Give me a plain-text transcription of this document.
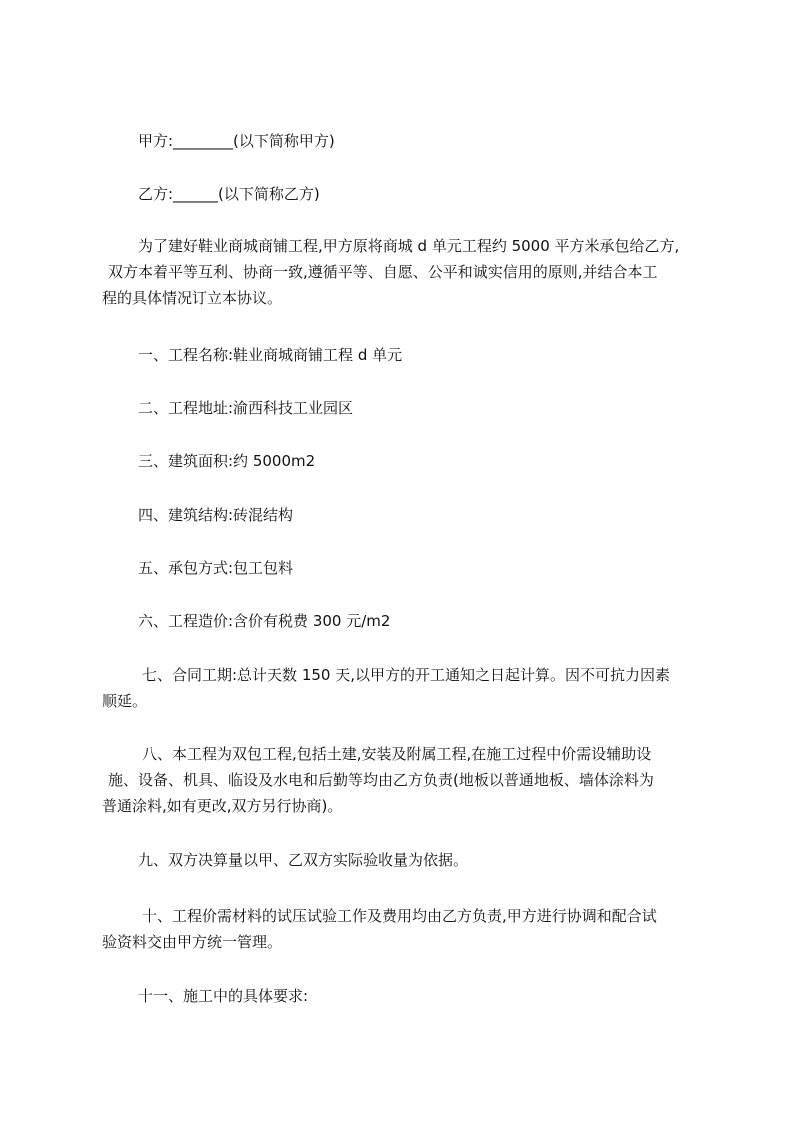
甲方:________(以下简称甲方)

乙方:______(以下简称乙方)

为了建好鞋业商城商铺工程,甲方原将商城 d 单元工程约 5000 平方米承包给乙方,
双方本着平等互利、协商一致,遵循平等、自愿、公平和诚实信用的原则,并结合本工
程的具体情况订立本协议。

一、工程名称:鞋业商城商铺工程 d 单元

二、工程地址:渝西科技工业园区

三、建筑面积:约 5000m2

四、建筑结构:砖混结构

五、承包方式:包工包料

六、工程造价:含价有税费 300 元/m2

七、合同工期:总计天数 150 天,以甲方的开工通知之日起计算。因不可抗力因素
顺延。

八、本工程为双包工程,包括土建,安装及附属工程,在施工过程中价需设辅助设
施、设备、机具、临设及水电和后勤等均由乙方负责(地板以普通地板、墙体涂料为
普通涂料,如有更改,双方另行协商)。

九、双方决算量以甲、乙双方实际验收量为依据。

十、工程价需材料的试压试验工作及费用均由乙方负责,甲方进行协调和配合试
验资料交由甲方统一管理。

十一、施工中的具体要求:
